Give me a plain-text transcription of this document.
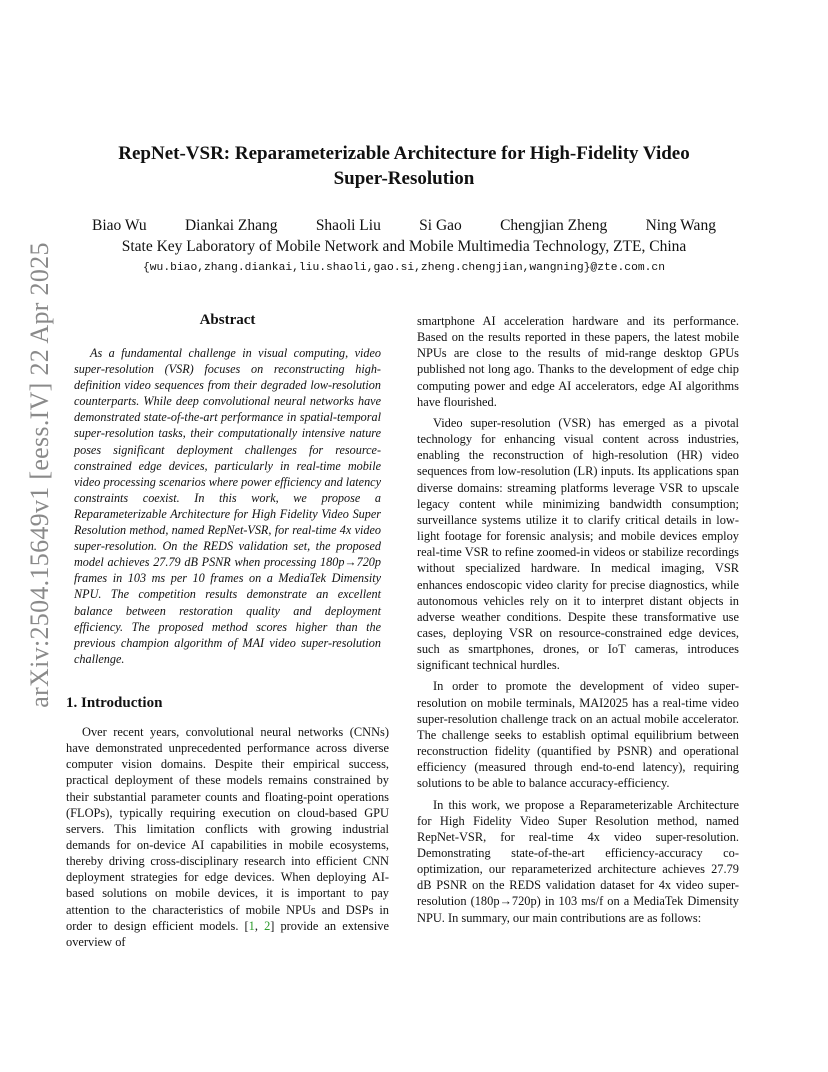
arXiv:2504.15649v1 [eess.IV] 22 Apr 2025
RepNet-VSR: Reparameterizable Architecture for High-Fidelity Video Super-Resolution
Biao Wu Diankai Zhang Shaoli Liu Si Gao Chengjian Zheng Ning Wang
State Key Laboratory of Mobile Network and Mobile Multimedia Technology, ZTE, China
{wu.biao,zhang.diankai,liu.shaoli,gao.si,zheng.chengjian,wangning}@zte.com.cn
Abstract

As a fundamental challenge in visual computing, video super-resolution (VSR) focuses on reconstructing high-definition video sequences from their degraded low-resolution counterparts. While deep convolutional neural networks have demonstrated state-of-the-art performance in spatial-temporal super-resolution tasks, their computationally intensive nature poses significant deployment challenges for resource-constrained edge devices, particularly in real-time mobile video processing scenarios where power efficiency and latency constraints coexist. In this work, we propose a Reparameterizable Architecture for High Fidelity Video Super Resolution method, named RepNet-VSR, for real-time 4x video super-resolution. On the REDS validation set, the proposed model achieves 27.79 dB PSNR when processing 180p→720p frames in 103 ms per 10 frames on a MediaTek Dimensity NPU. The competition results demonstrate an excellent balance between restoration quality and deployment efficiency. The proposed method scores higher than the previous champion algorithm of MAI video super-resolution challenge.

1. Introduction

Over recent years, convolutional neural networks (CNNs) have demonstrated unprecedented performance across diverse computer vision domains. Despite their empirical success, practical deployment of these models remains constrained by their substantial parameter counts and floating-point operations (FLOPs), typically requiring execution on cloud-based GPU servers. This limitation conflicts with growing industrial demands for on-device AI capabilities in mobile ecosystems, thereby driving cross-disciplinary research into efficient CNN deployment strategies for edge devices. When deploying AI-based solutions on mobile devices, it is important to pay attention to the characteristics of mobile NPUs and DSPs in order to design efficient models. [1, 2] provide an extensive overview of

smartphone AI acceleration hardware and its performance. Based on the results reported in these papers, the latest mobile NPUs are close to the results of mid-range desktop GPUs published not long ago. Thanks to the development of edge chip computing power and edge AI accelerators, edge AI algorithms have flourished.

Video super-resolution (VSR) has emerged as a pivotal technology for enhancing visual content across industries, enabling the reconstruction of high-resolution (HR) video sequences from low-resolution (LR) inputs. Its applications span diverse domains: streaming platforms leverage VSR to upscale legacy content while minimizing bandwidth consumption; surveillance systems utilize it to clarify critical details in low-light footage for forensic analysis; and mobile devices employ real-time VSR to refine zoomed-in videos or stabilize recordings without specialized hardware. In medical imaging, VSR enhances endoscopic video clarity for precise diagnostics, while autonomous vehicles rely on it to interpret distant objects in adverse weather conditions. Despite these transformative use cases, deploying VSR on resource-constrained edge devices, such as smartphones, drones, or IoT cameras, introduces significant technical hurdles.

In order to promote the development of video super-resolution on mobile terminals, MAI2025 has a real-time video super-resolution challenge track on an actual mobile accelerator. The challenge seeks to establish optimal equilibrium between reconstruction fidelity (quantified by PSNR) and operational efficiency (measured through end-to-end latency), requiring solutions to be able to balance accuracy-efficiency.

In this work, we propose a Reparameterizable Architecture for High Fidelity Video Super Resolution method, named RepNet-VSR, for real-time 4x video super-resolution. Demonstrating state-of-the-art efficiency-accuracy co-optimization, our reparameterized architecture achieves 27.79 dB PSNR on the REDS validation dataset for 4x video super-resolution (180p→720p) in 103 ms/f on a MediaTek Dimensity NPU. In summary, our main contributions are as follows:
